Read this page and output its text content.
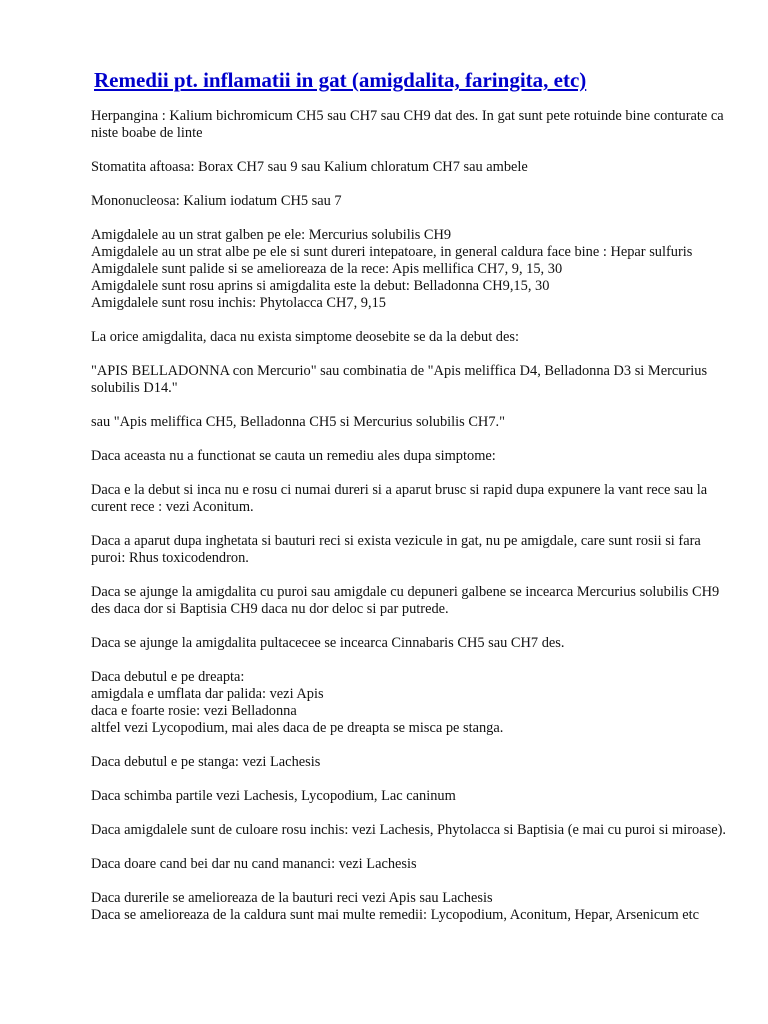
Remedii pt. inflamatii in gat (amigdalita, faringita, etc)
Herpangina : Kalium bichromicum CH5 sau CH7 sau CH9 dat des. In gat sunt pete rotuinde bine conturate ca niste boabe de linte
Stomatita aftoasa: Borax CH7 sau 9 sau Kalium chloratum CH7 sau ambele
Mononucleosa: Kalium iodatum CH5 sau 7
Amigdalele au un strat galben pe ele: Mercurius solubilis CH9
Amigdalele au un strat albe pe ele si sunt dureri intepatoare, in general caldura face bine : Hepar sulfuris
Amigdalele sunt palide si se amelioreaza de la rece: Apis mellifica CH7, 9, 15, 30
Amigdalele sunt rosu aprins si amigdalita este la debut: Belladonna CH9,15, 30
Amigdalele sunt rosu inchis: Phytolacca CH7, 9,15
La orice amigdalita, daca nu exista simptome deosebite se da la debut des:
"APIS BELLADONNA con Mercurio" sau combinatia de "Apis meliffica D4, Belladonna D3 si Mercurius solubilis D14."
sau "Apis meliffica CH5, Belladonna CH5 si Mercurius solubilis CH7."
Daca aceasta nu a functionat se cauta un remediu ales dupa simptome:
Daca e la debut si inca nu e rosu ci numai dureri si a aparut brusc si rapid dupa expunere la vant rece sau la curent rece : vezi Aconitum.
Daca a aparut dupa inghetata si bauturi reci si exista vezicule in gat, nu pe amigdale, care sunt rosii si fara puroi: Rhus toxicodendron.
Daca se ajunge la amigdalita cu puroi sau amigdale cu depuneri galbene se incearca Mercurius solubilis CH9 des daca dor si Baptisia CH9 daca nu dor deloc si par putrede.
Daca se ajunge la amigdalita pultacecee se incearca Cinnabaris CH5 sau CH7 des.
Daca debutul e pe dreapta:
amigdala e umflata dar palida: vezi Apis
daca e foarte rosie: vezi Belladonna
altfel vezi Lycopodium, mai ales daca de pe dreapta se misca pe stanga.
Daca debutul e pe stanga: vezi Lachesis
Daca schimba partile vezi Lachesis, Lycopodium, Lac caninum
Daca amigdalele sunt de culoare rosu inchis: vezi Lachesis, Phytolacca si Baptisia (e mai cu puroi si miroase).
Daca doare cand bei dar nu cand mananci: vezi Lachesis
Daca durerile se amelioreaza de la bauturi reci vezi Apis sau Lachesis
Daca se amelioreaza de la caldura sunt mai multe remedii: Lycopodium, Aconitum, Hepar, Arsenicum etc
